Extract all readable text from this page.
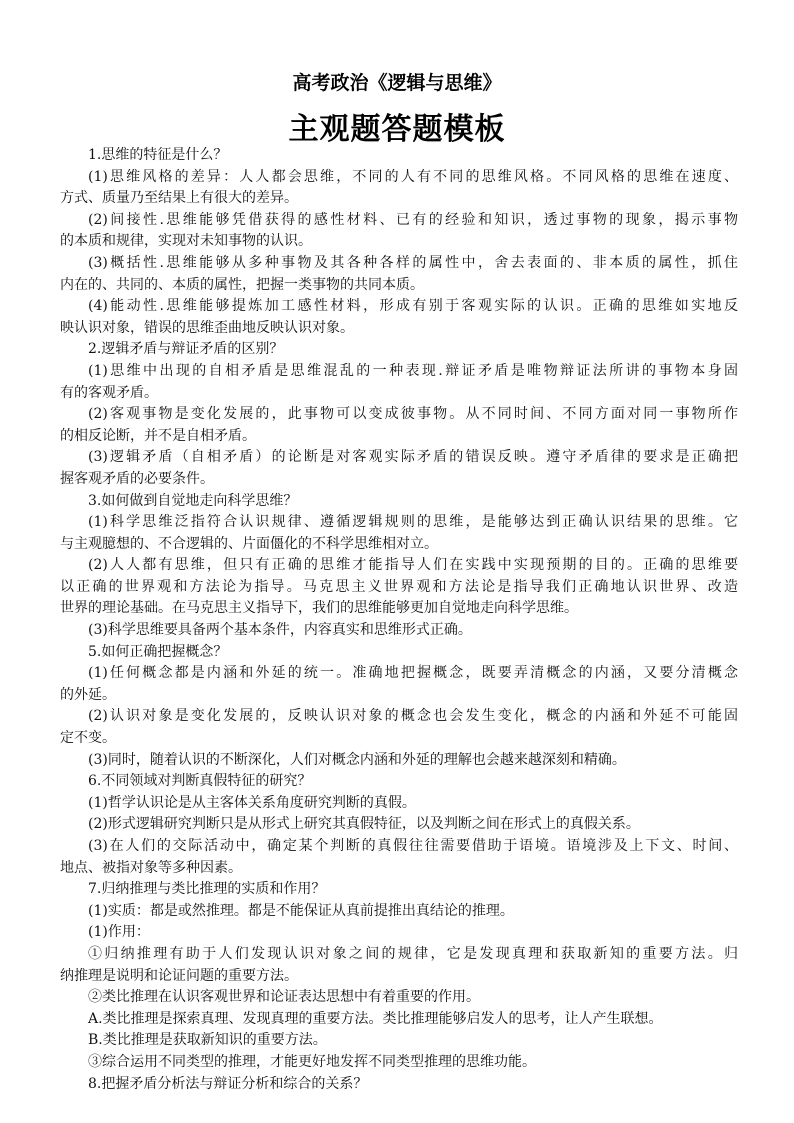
高考政治《逻辑与思维》
主观题答题模板
1.思维的特征是什么？
(1)思维风格的差异：人人都会思维，不同的人有不同的思维风格。不同风格的思维在速度、
方式、质量乃至结果上有很大的差异。
(2)间接性.思维能够凭借获得的感性材料、已有的经验和知识，透过事物的现象，揭示事物
的本质和规律，实现对未知事物的认识。
(3)概括性.思维能够从多种事物及其各种各样的属性中，舍去表面的、非本质的属性，抓住
内在的、共同的、本质的属性，把握一类事物的共同本质。
(4)能动性.思维能够提炼加工感性材料，形成有别于客观实际的认识。正确的思维如实地反
映认识对象，错误的思维歪曲地反映认识对象。
2.逻辑矛盾与辩证矛盾的区别？
(1)思维中出现的自相矛盾是思维混乱的一种表现.辩证矛盾是唯物辩证法所讲的事物本身固
有的客观矛盾。
(2)客观事物是变化发展的，此事物可以变成彼事物。从不同时间、不同方面对同一事物所作
的相反论断，并不是自相矛盾。
(3)逻辑矛盾（自相矛盾）的论断是对客观实际矛盾的错误反映。遵守矛盾律的要求是正确把
握客观矛盾的必要条件。
3.如何做到自觉地走向科学思维？
(1)科学思维泛指符合认识规律、遵循逻辑规则的思维，是能够达到正确认识结果的思维。它
与主观臆想的、不合逻辑的、片面僵化的不科学思维相对立。
(2)人人都有思维，但只有正确的思维才能指导人们在实践中实现预期的目的。正确的思维要
以正确的世界观和方法论为指导。马克思主义世界观和方法论是指导我们正确地认识世界、改造
世界的理论基础。在马克思主义指导下，我们的思维能够更加自觉地走向科学思维。
(3)科学思维要具备两个基本条件，内容真实和思维形式正确。
5.如何正确把握概念？
(1)任何概念都是内涵和外延的统一。准确地把握概念，既要弄清概念的内涵，又要分清概念
的外延。
(2)认识对象是变化发展的，反映认识对象的概念也会发生变化，概念的内涵和外延不可能固
定不变。
(3)同时，随着认识的不断深化，人们对概念内涵和外延的理解也会越来越深刻和精确。
6.不同领域对判断真假特征的研究？
(1)哲学认识论是从主客体关系角度研究判断的真假。
(2)形式逻辑研究判断只是从形式上研究其真假特征，以及判断之间在形式上的真假关系。
(3)在人们的交际活动中，确定某个判断的真假往往需要借助于语境。语境涉及上下文、时间、
地点、被指对象等多种因素。
7.归纳推理与类比推理的实质和作用？
(1)实质：都是或然推理。都是不能保证从真前提推出真结论的推理。
(1)作用：
①归纳推理有助于人们发现认识对象之间的规律，它是发现真理和获取新知的重要方法。归
纳推理是说明和论证问题的重要方法。
②类比推理在认识客观世界和论证表达思想中有着重要的作用。
A.类比推理是探索真理、发现真理的重要方法。类比推理能够启发人的思考，让人产生联想。
B.类比推理是获取新知识的重要方法。
③综合运用不同类型的推理，才能更好地发挥不同类型推理的思维功能。
8.把握矛盾分析法与辩证分析和综合的关系？
